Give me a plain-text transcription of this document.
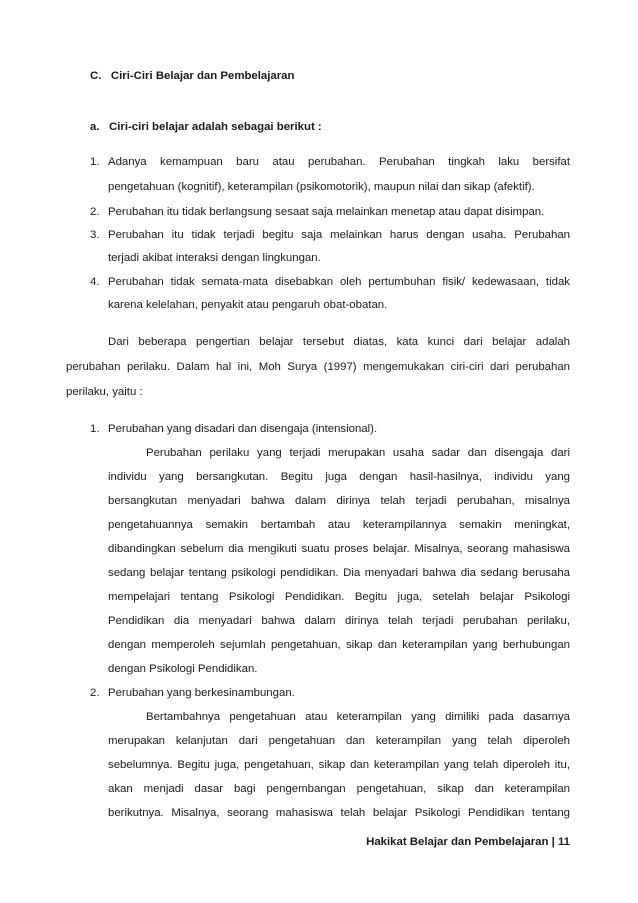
C.   Ciri-Ciri Belajar dan Pembelajaran
a.   Ciri-ciri belajar adalah sebagai berikut :
1. Adanya kemampuan baru atau perubahan. Perubahan tingkah laku bersifat
pengetahuan (kognitif), keterampilan (psikomotorik), maupun nilai dan sikap (afektif).
2. Perubahan itu tidak berlangsung sesaat saja melainkan menetap atau dapat disimpan.
3. Perubahan itu tidak terjadi begitu saja melainkan harus dengan usaha. Perubahan
terjadi akibat interaksi dengan lingkungan.
4. Perubahan tidak semata-mata disebabkan oleh pertumbuhan fisik/ kedewasaan, tidak
karena kelelahan, penyakit atau pengaruh obat-obatan.
Dari beberapa pengertian belajar tersebut diatas, kata kunci dari belajar adalah
perubahan perilaku. Dalam hal ini, Moh Surya (1997) mengemukakan ciri-ciri dari perubahan
perilaku, yaitu :
1. Perubahan yang disadari dan disengaja (intensional).
Perubahan perilaku yang terjadi merupakan usaha sadar dan disengaja dari
individu yang bersangkutan. Begitu juga dengan hasil-hasilnya, individu yang
bersangkutan menyadari bahwa dalam dirinya telah terjadi perubahan, misalnya
pengetahuannya semakin bertambah atau keterampilannya semakin meningkat,
dibandingkan sebelum dia mengikuti suatu proses belajar. Misalnya, seorang mahasiswa
sedang belajar tentang psikologi pendidikan. Dia menyadari bahwa dia sedang berusaha
mempelajari tentang Psikologi Pendidikan. Begitu juga, setelah belajar Psikologi
Pendidikan dia menyadari bahwa dalam dirinya telah terjadi perubahan perilaku,
dengan memperoleh sejumlah pengetahuan, sikap dan keterampilan yang berhubungan
dengan Psikologi Pendidikan.
2. Perubahan yang berkesinambungan.
Bertambahnya pengetahuan atau keterampilan yang dimiliki pada dasarnya
merupakan kelanjutan dari pengetahuan dan keterampilan yang telah diperoleh
sebelumnya. Begitu juga, pengetahuan, sikap dan keterampilan yang telah diperoleh itu,
akan menjadi dasar bagi pengembangan pengetahuan, sikap dan keterampilan
berikutnya. Misalnya, seorang mahasiswa telah belajar Psikologi Pendidikan tentang
Hakikat Belajar dan Pembelajaran | 11
